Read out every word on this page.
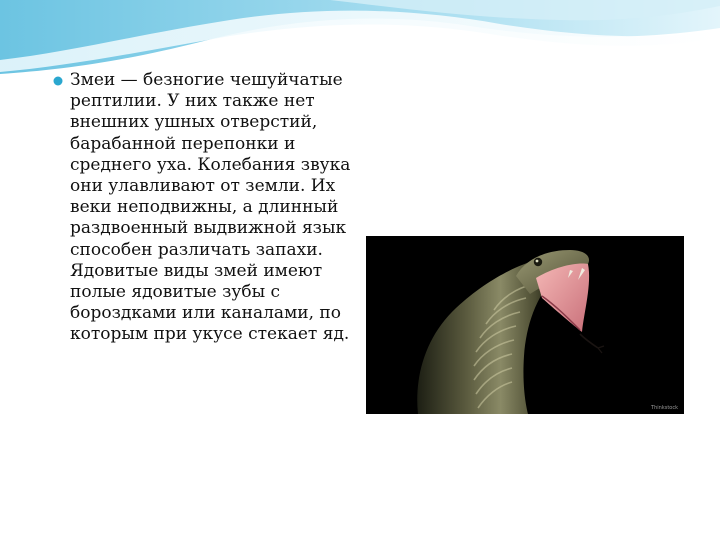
Змеи — безногие чешуйчатые рептилии. У них также нет внешних ушных отверстий, барабанной перепонки и среднего уха. Колебания звука они улавливают от земли. Их веки неподвижны, а длинный раздвоенный выдвижной язык способен различать запахи. Ядовитые виды змей имеют полые ядовитые зубы с бороздками или каналами, по которым при укусе стекает яд.

Thinkstock
